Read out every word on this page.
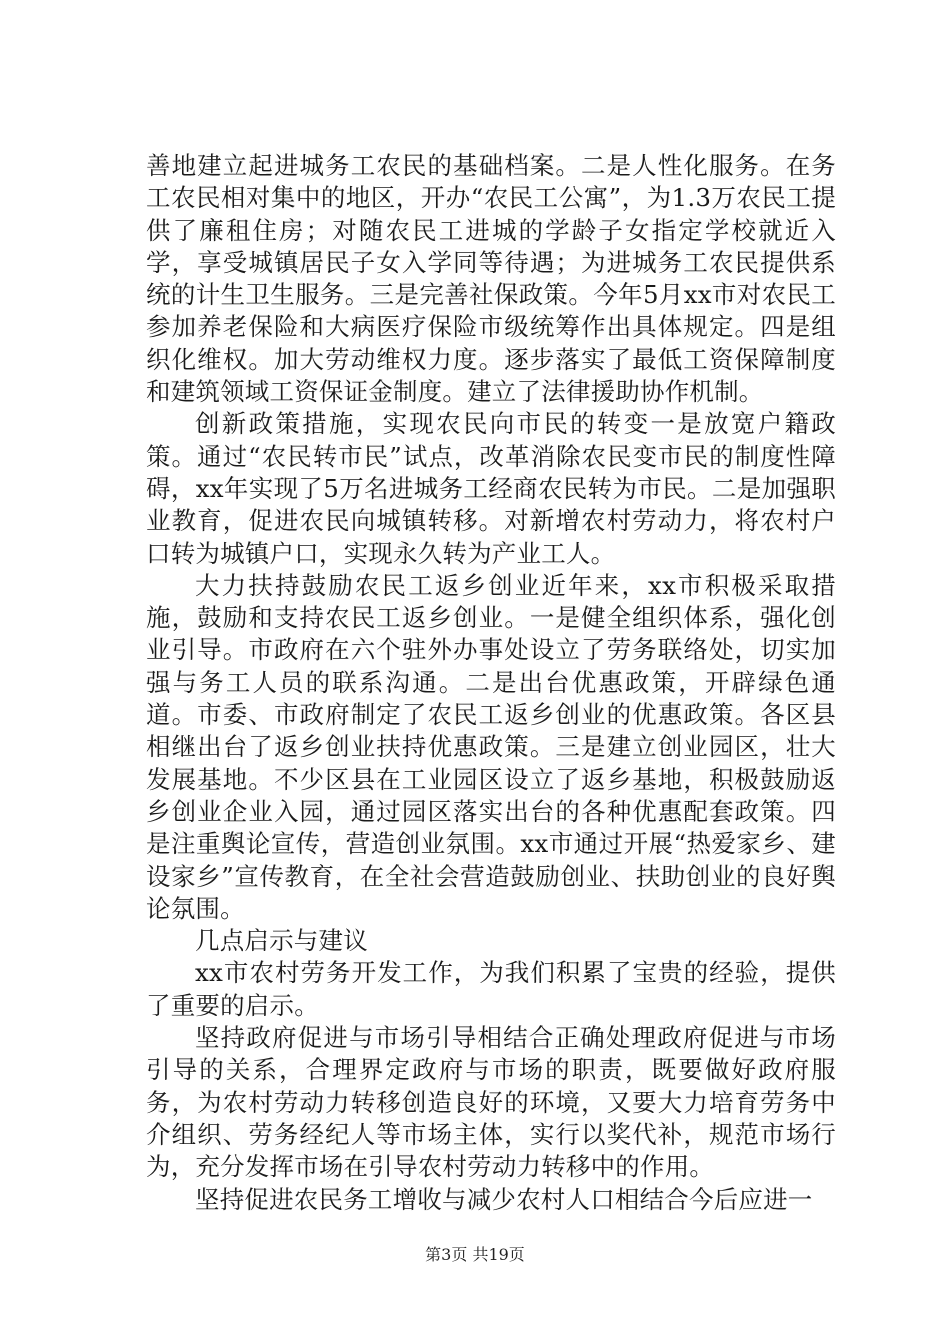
善地建立起进城务工农民的基础档案。二是人性化服务。在务工农民相对集中的地区，开办“农民工公寓”，为1.3万农民工提供了廉租住房；对随农民工进城的学龄子女指定学校就近入学，享受城镇居民子女入学同等待遇；为进城务工农民提供系统的计生卫生服务。三是完善社保政策。今年5月xx市对农民工参加养老保险和大病医疗保险市级统筹作出具体规定。四是组织化维权。加大劳动维权力度。逐步落实了最低工资保障制度和建筑领域工资保证金制度。建立了法律援助协作机制。

创新政策措施，实现农民向市民的转变一是放宽户籍政策。通过“农民转市民”试点，改革消除农民变市民的制度性障碍，xx年实现了5万名进城务工经商农民转为市民。二是加强职业教育，促进农民向城镇转移。对新增农村劳动力，将农村户口转为城镇户口，实现永久转为产业工人。

大力扶持鼓励农民工返乡创业近年来，xx市积极采取措施，鼓励和支持农民工返乡创业。一是健全组织体系，强化创业引导。市政府在六个驻外办事处设立了劳务联络处，切实加强与务工人员的联系沟通。二是出台优惠政策，开辟绿色通道。市委、市政府制定了农民工返乡创业的优惠政策。各区县相继出台了返乡创业扶持优惠政策。三是建立创业园区，壮大发展基地。不少区县在工业园区设立了返乡基地，积极鼓励返乡创业企业入园，通过园区落实出台的各种优惠配套政策。四是注重舆论宣传，营造创业氛围。xx市通过开展“热爱家乡、建设家乡”宣传教育，在全社会营造鼓励创业、扶助创业的良好舆论氛围。

几点启示与建议

xx市农村劳务开发工作，为我们积累了宝贵的经验，提供了重要的启示。

坚持政府促进与市场引导相结合正确处理政府促进与市场引导的关系，合理界定政府与市场的职责，既要做好政府服务，为农村劳动力转移创造良好的环境，又要大力培育劳务中介组织、劳务经纪人等市场主体，实行以奖代补，规范市场行为，充分发挥市场在引导农村劳动力转移中的作用。

坚持促进农民务工增收与减少农村人口相结合今后应进一

第3页 共19页
